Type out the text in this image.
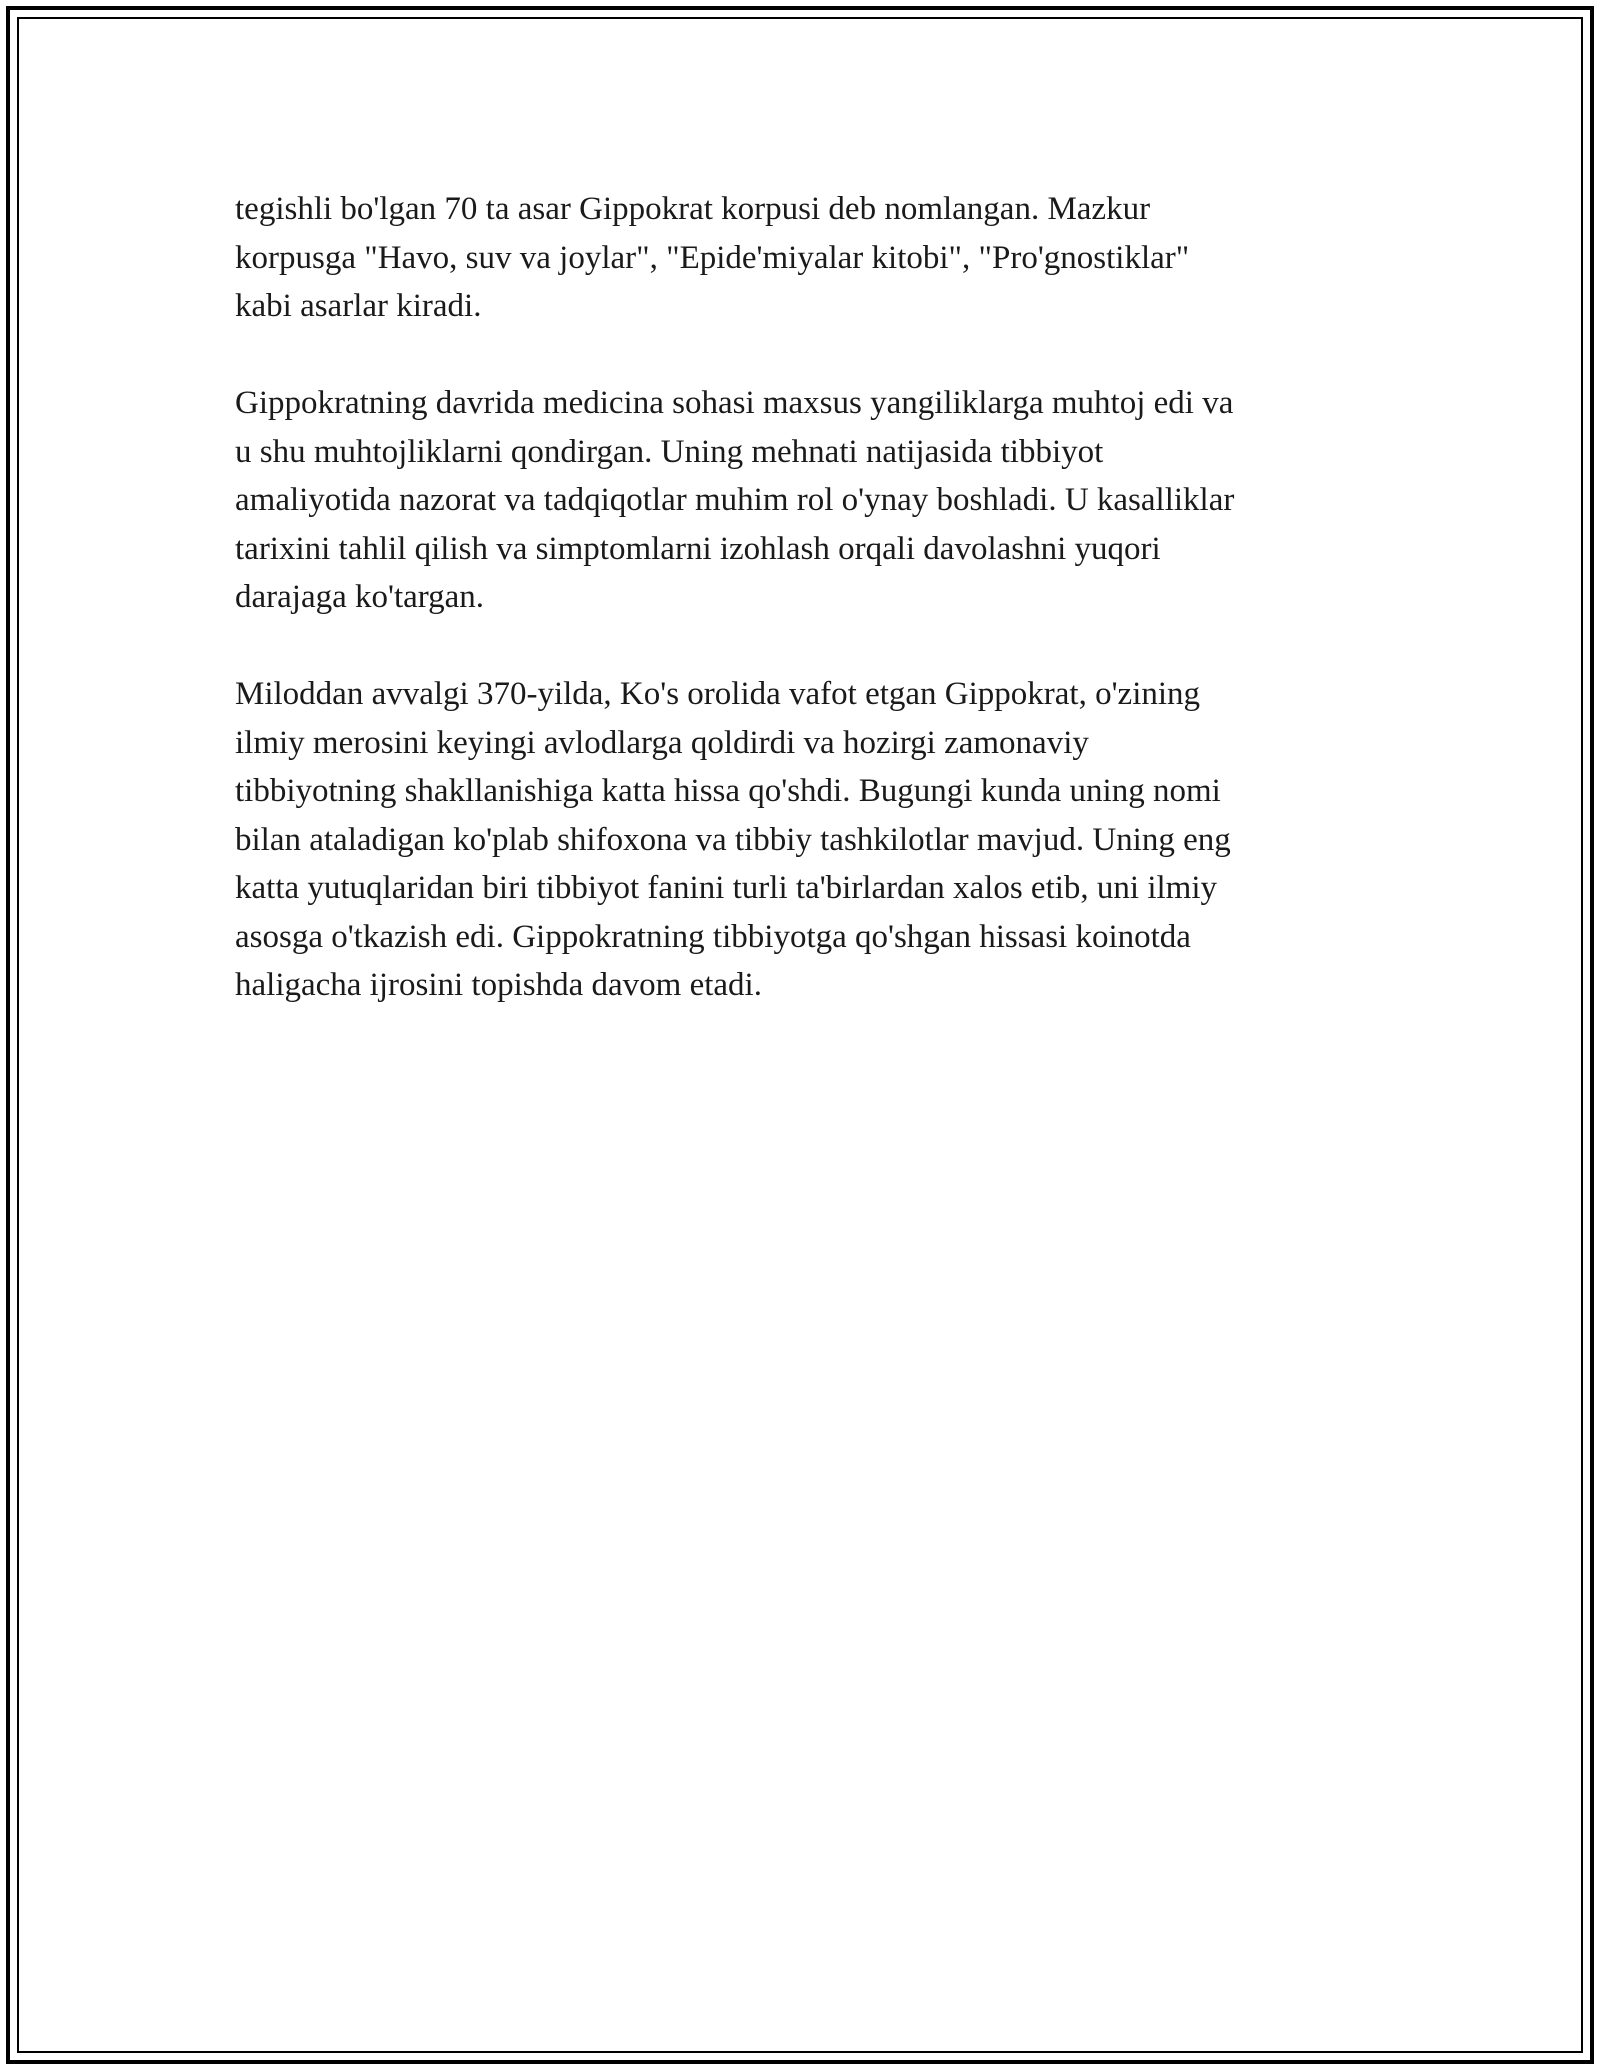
tegishli bo'lgan 70 ta asar Gippokrat korpusi deb nomlangan. Mazkur
korpusga "Havo, suv va joylar", "Epide'miyalar kitobi", "Pro'gnostiklar"
kabi asarlar kiradi.

Gippokratning davrida medicina sohasi maxsus yangiliklarga muhtoj edi va
u shu muhtojliklarni qondirgan. Uning mehnati natijasida tibbiyot
amaliyotida nazorat va tadqiqotlar muhim rol o'ynay boshladi. U kasalliklar
tarixini tahlil qilish va simptomlarni izohlash orqali davolashni yuqori
darajaga ko'targan.

Miloddan avvalgi 370-yilda, Ko's orolida vafot etgan Gippokrat, o'zining
ilmiy merosini keyingi avlodlarga qoldirdi va hozirgi zamonaviy
tibbiyotning shakllanishiga katta hissa qo'shdi. Bugungi kunda uning nomi
bilan ataladigan ko'plab shifoxona va tibbiy tashkilotlar mavjud. Uning eng
katta yutuqlaridan biri tibbiyot fanini turli ta'birlardan xalos etib, uni ilmiy
asosga o'tkazish edi. Gippokratning tibbiyotga qo'shgan hissasi koinotda
haligacha ijrosini topishda davom etadi.
